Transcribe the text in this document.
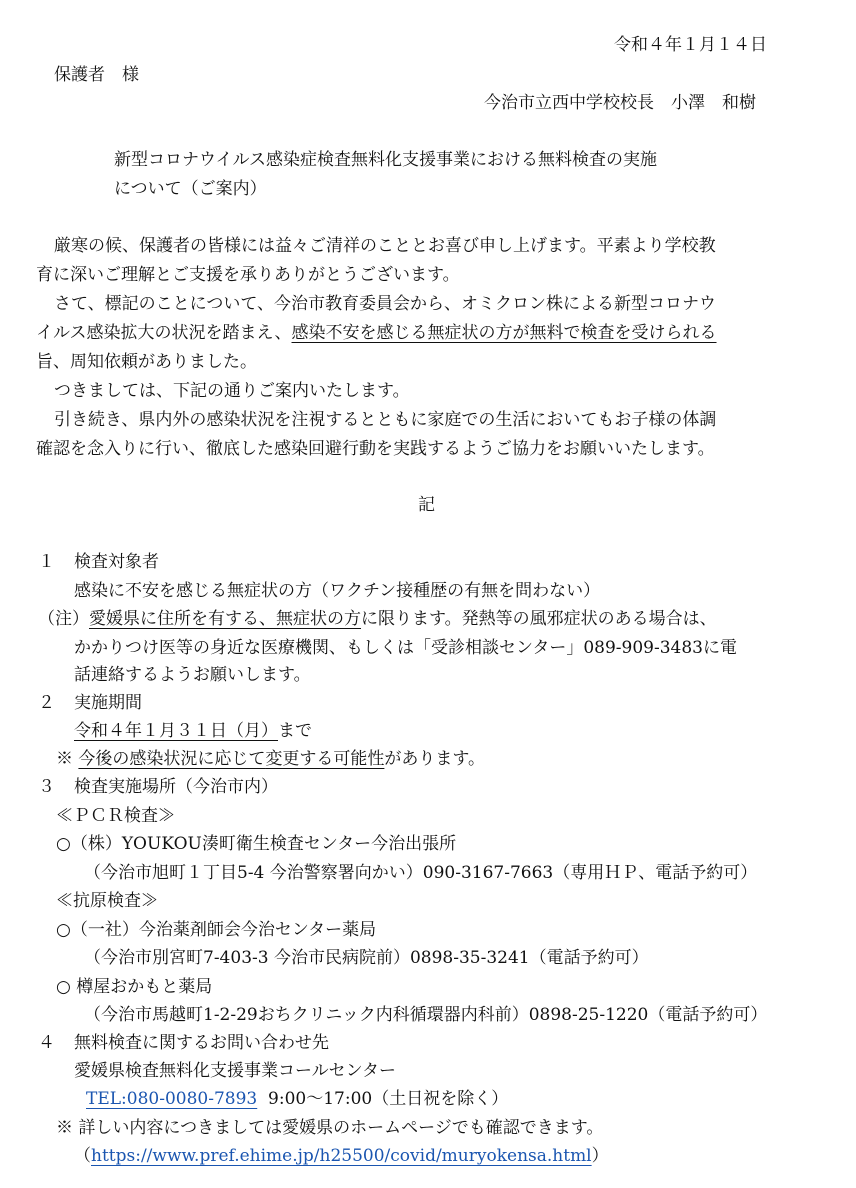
令和４年１月１４日
保護者　様
今治市立西中学校校長　小澤　和樹
新型コロナウイルス感染症検査無料化支援事業における無料検査の実施
について（ご案内）
厳寒の候、保護者の皆様には益々ご清祥のこととお喜び申し上げます。平素より学校教
育に深いご理解とご支援を承りありがとうございます。
さて、標記のことについて、今治市教育委員会から、オミクロン株による新型コロナウ
イルス感染拡大の状況を踏まえ、感染不安を感じる無症状の方が無料で検査を受けられる
旨、周知依頼がありました。
つきましては、下記の通りご案内いたします。
引き続き、県内外の感染状況を注視するとともに家庭での生活においてもお子様の体調
確認を念入りに行い、徹底した感染回避行動を実践するようご協力をお願いいたします。
記
１ 検査対象者
感染に不安を感じる無症状の方（ワクチン接種歴の有無を問わない）
（注）愛媛県に住所を有する、無症状の方に限ります。発熱等の風邪症状のある場合は、
かかりつけ医等の身近な医療機関、もしくは「受診相談センター」089-909-3483に電
話連絡するようお願いします。
２ 実施期間
令和４年１月３１日（月）まで
※ 今後の感染状況に応じて変更する可能性があります。
３ 検査実施場所（今治市内）
≪ＰＣＲ検査≫
○（株）YOUKOU湊町衛生検査センター今治出張所
（今治市旭町１丁目5-4 今治警察署向かい）090-3167-7663（専用ＨＰ、電話予約可）
≪抗原検査≫
○（一社）今治薬剤師会今治センター薬局
（今治市別宮町7-403-3 今治市民病院前）0898-35-3241（電話予約可）
○ 樽屋おかもと薬局
（今治市馬越町1-2-29おちクリニック内科循環器内科前）0898-25-1220（電話予約可）
４ 無料検査に関するお問い合わせ先
愛媛県検査無料化支援事業コールセンター
TEL:080-0080-7893 9:00～17:00（土日祝を除く）
※ 詳しい内容につきましては愛媛県のホームページでも確認できます。
（https://www.pref.ehime.jp/h25500/covid/muryokensa.html）
